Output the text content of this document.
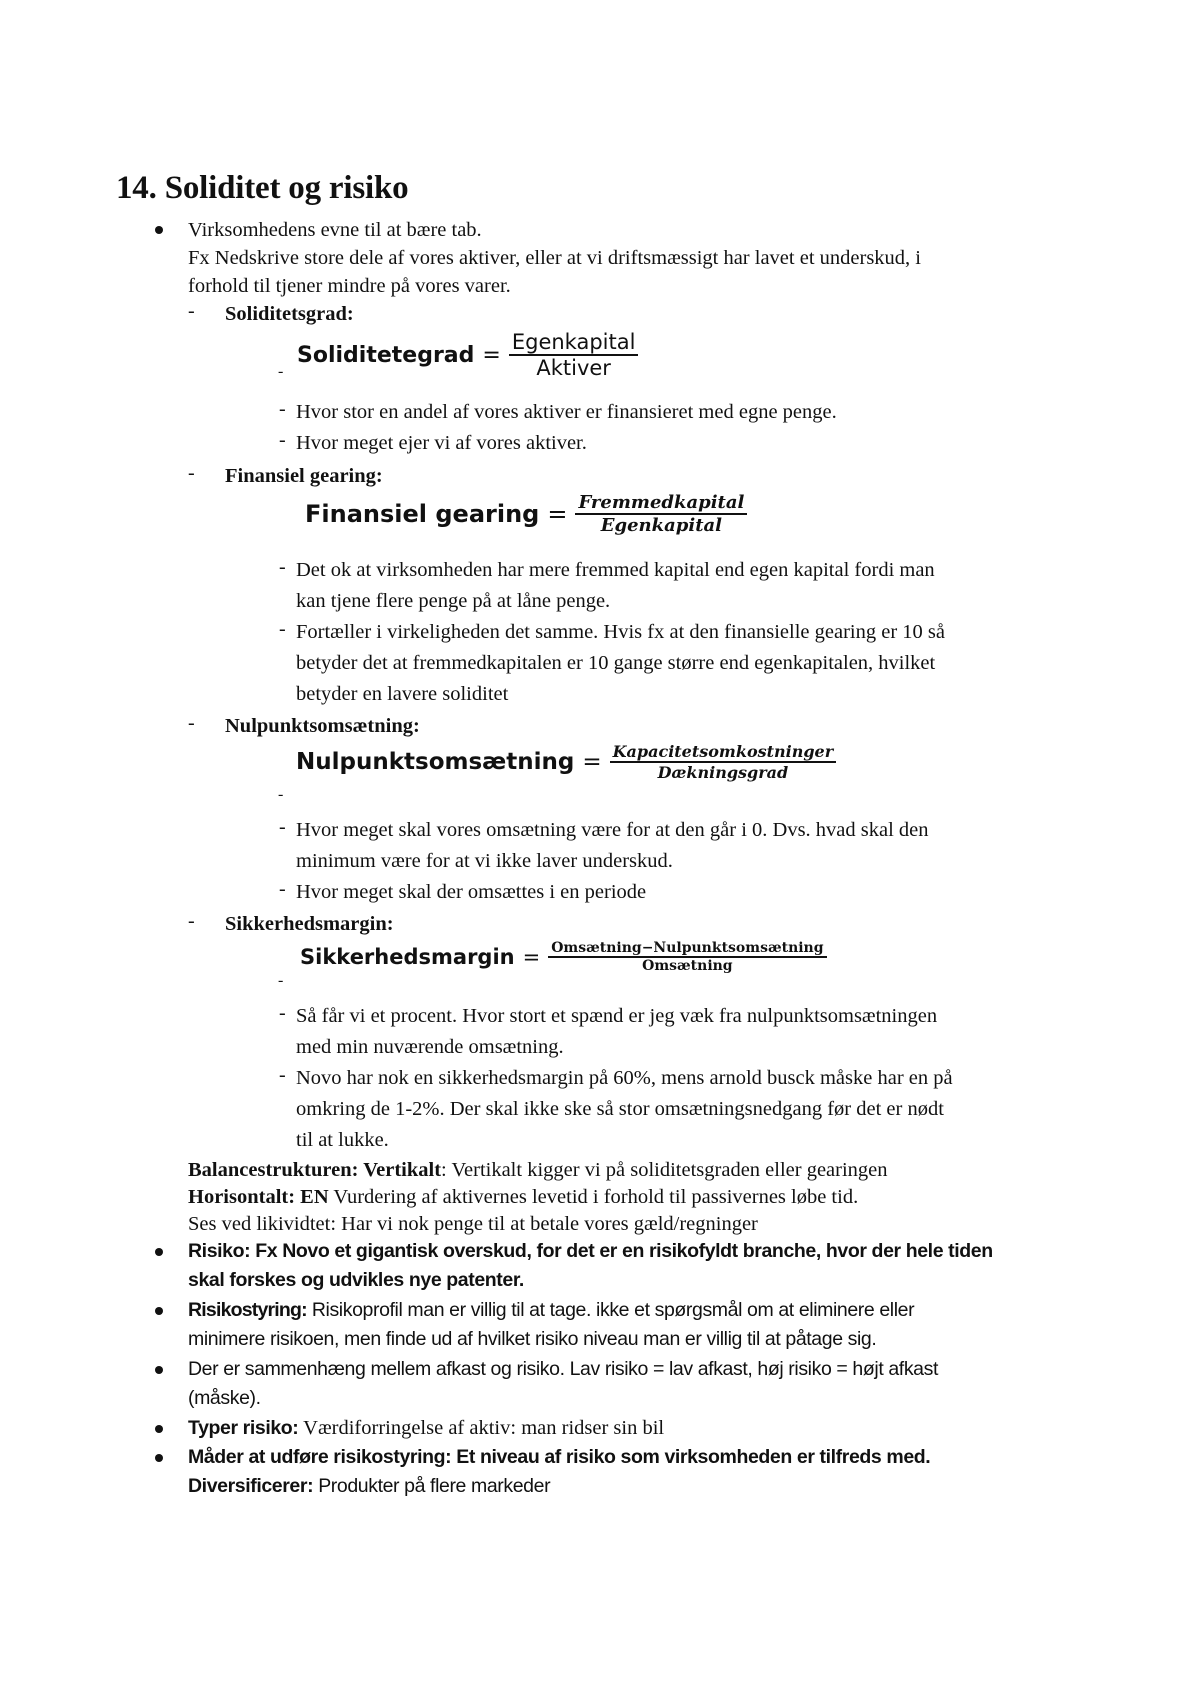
14. Soliditet og risiko
Virksomhedens evne til at bære tab.
Fx Nedskrive store dele af vores aktiver, eller at vi driftsmæssigt har lavet et underskud, i
forhold til tjener mindre på vores varer.
- Soliditetsgrad:
-
Soliditetegrad = $\frac{\text{Egenkapital}}{\text{Aktiver}}$
- Hvor stor en andel af vores aktiver er finansieret med egne penge.
- Hvor meget ejer vi af vores aktiver.
- Finansiel gearing:
Finansiel gearing = $\frac{\text{Fremmedkapital}}{\text{Egenkapital}}$
- Det ok at virksomheden har mere fremmed kapital end egen kapital fordi man
kan tjene flere penge på at låne penge.
- Fortæller i virkeligheden det samme. Hvis fx at den finansielle gearing er 10 så
betyder det at fremmedkapitalen er 10 gange større end egenkapitalen, hvilket
betyder en lavere soliditet
- Nulpunktsomsætning:
-
Nulpunktsomsætning = $\frac{\text{Kapacitetsomkostninger}}{\text{Dækningsgrad}}$
- Hvor meget skal vores omsætning være for at den går i 0. Dvs. hvad skal den
minimum være for at vi ikke laver underskud.
- Hvor meget skal der omsættes i en periode
- Sikkerhedsmargin:
-
Sikkerhedsmargin = $\frac{\text{Omsætning−Nulpunktsomsætning}}{\text{Omsætning}}$
- Så får vi et procent. Hvor stort et spænd er jeg væk fra nulpunktsomsætningen
med min nuværende omsætning.
- Novo har nok en sikkerhedsmargin på 60%, mens arnold busck måske har en på
omkring de 1-2%. Der skal ikke ske så stor omsætningsnedgang før det er nødt
til at lukke.
Balancestrukturen: Vertikalt: Vertikalt kigger vi på soliditetsgraden eller gearingen
Horisontalt: EN Vurdering af aktivernes levetid i forhold til passivernes løbe tid.
Ses ved likividtet: Har vi nok penge til at betale vores gæld/regninger
Risiko: Fx Novo et gigantisk overskud, for det er en risikofyldt branche, hvor der hele tiden
skal forskes og udvikles nye patenter.
Risikostyring: Risikoprofil man er villig til at tage. ikke et spørgsmål om at eliminere eller
minimere risikoen, men finde ud af hvilket risiko niveau man er villig til at påtage sig.
Der er sammenhæng mellem afkast og risiko. Lav risiko = lav afkast, høj risiko = højt afkast
(måske).
Typer risiko: Værdiforringelse af aktiv: man ridser sin bil
Måder at udføre risikostyring: Et niveau af risiko som virksomheden er tilfreds med.
Diversificerer: Produkter på flere markeder
